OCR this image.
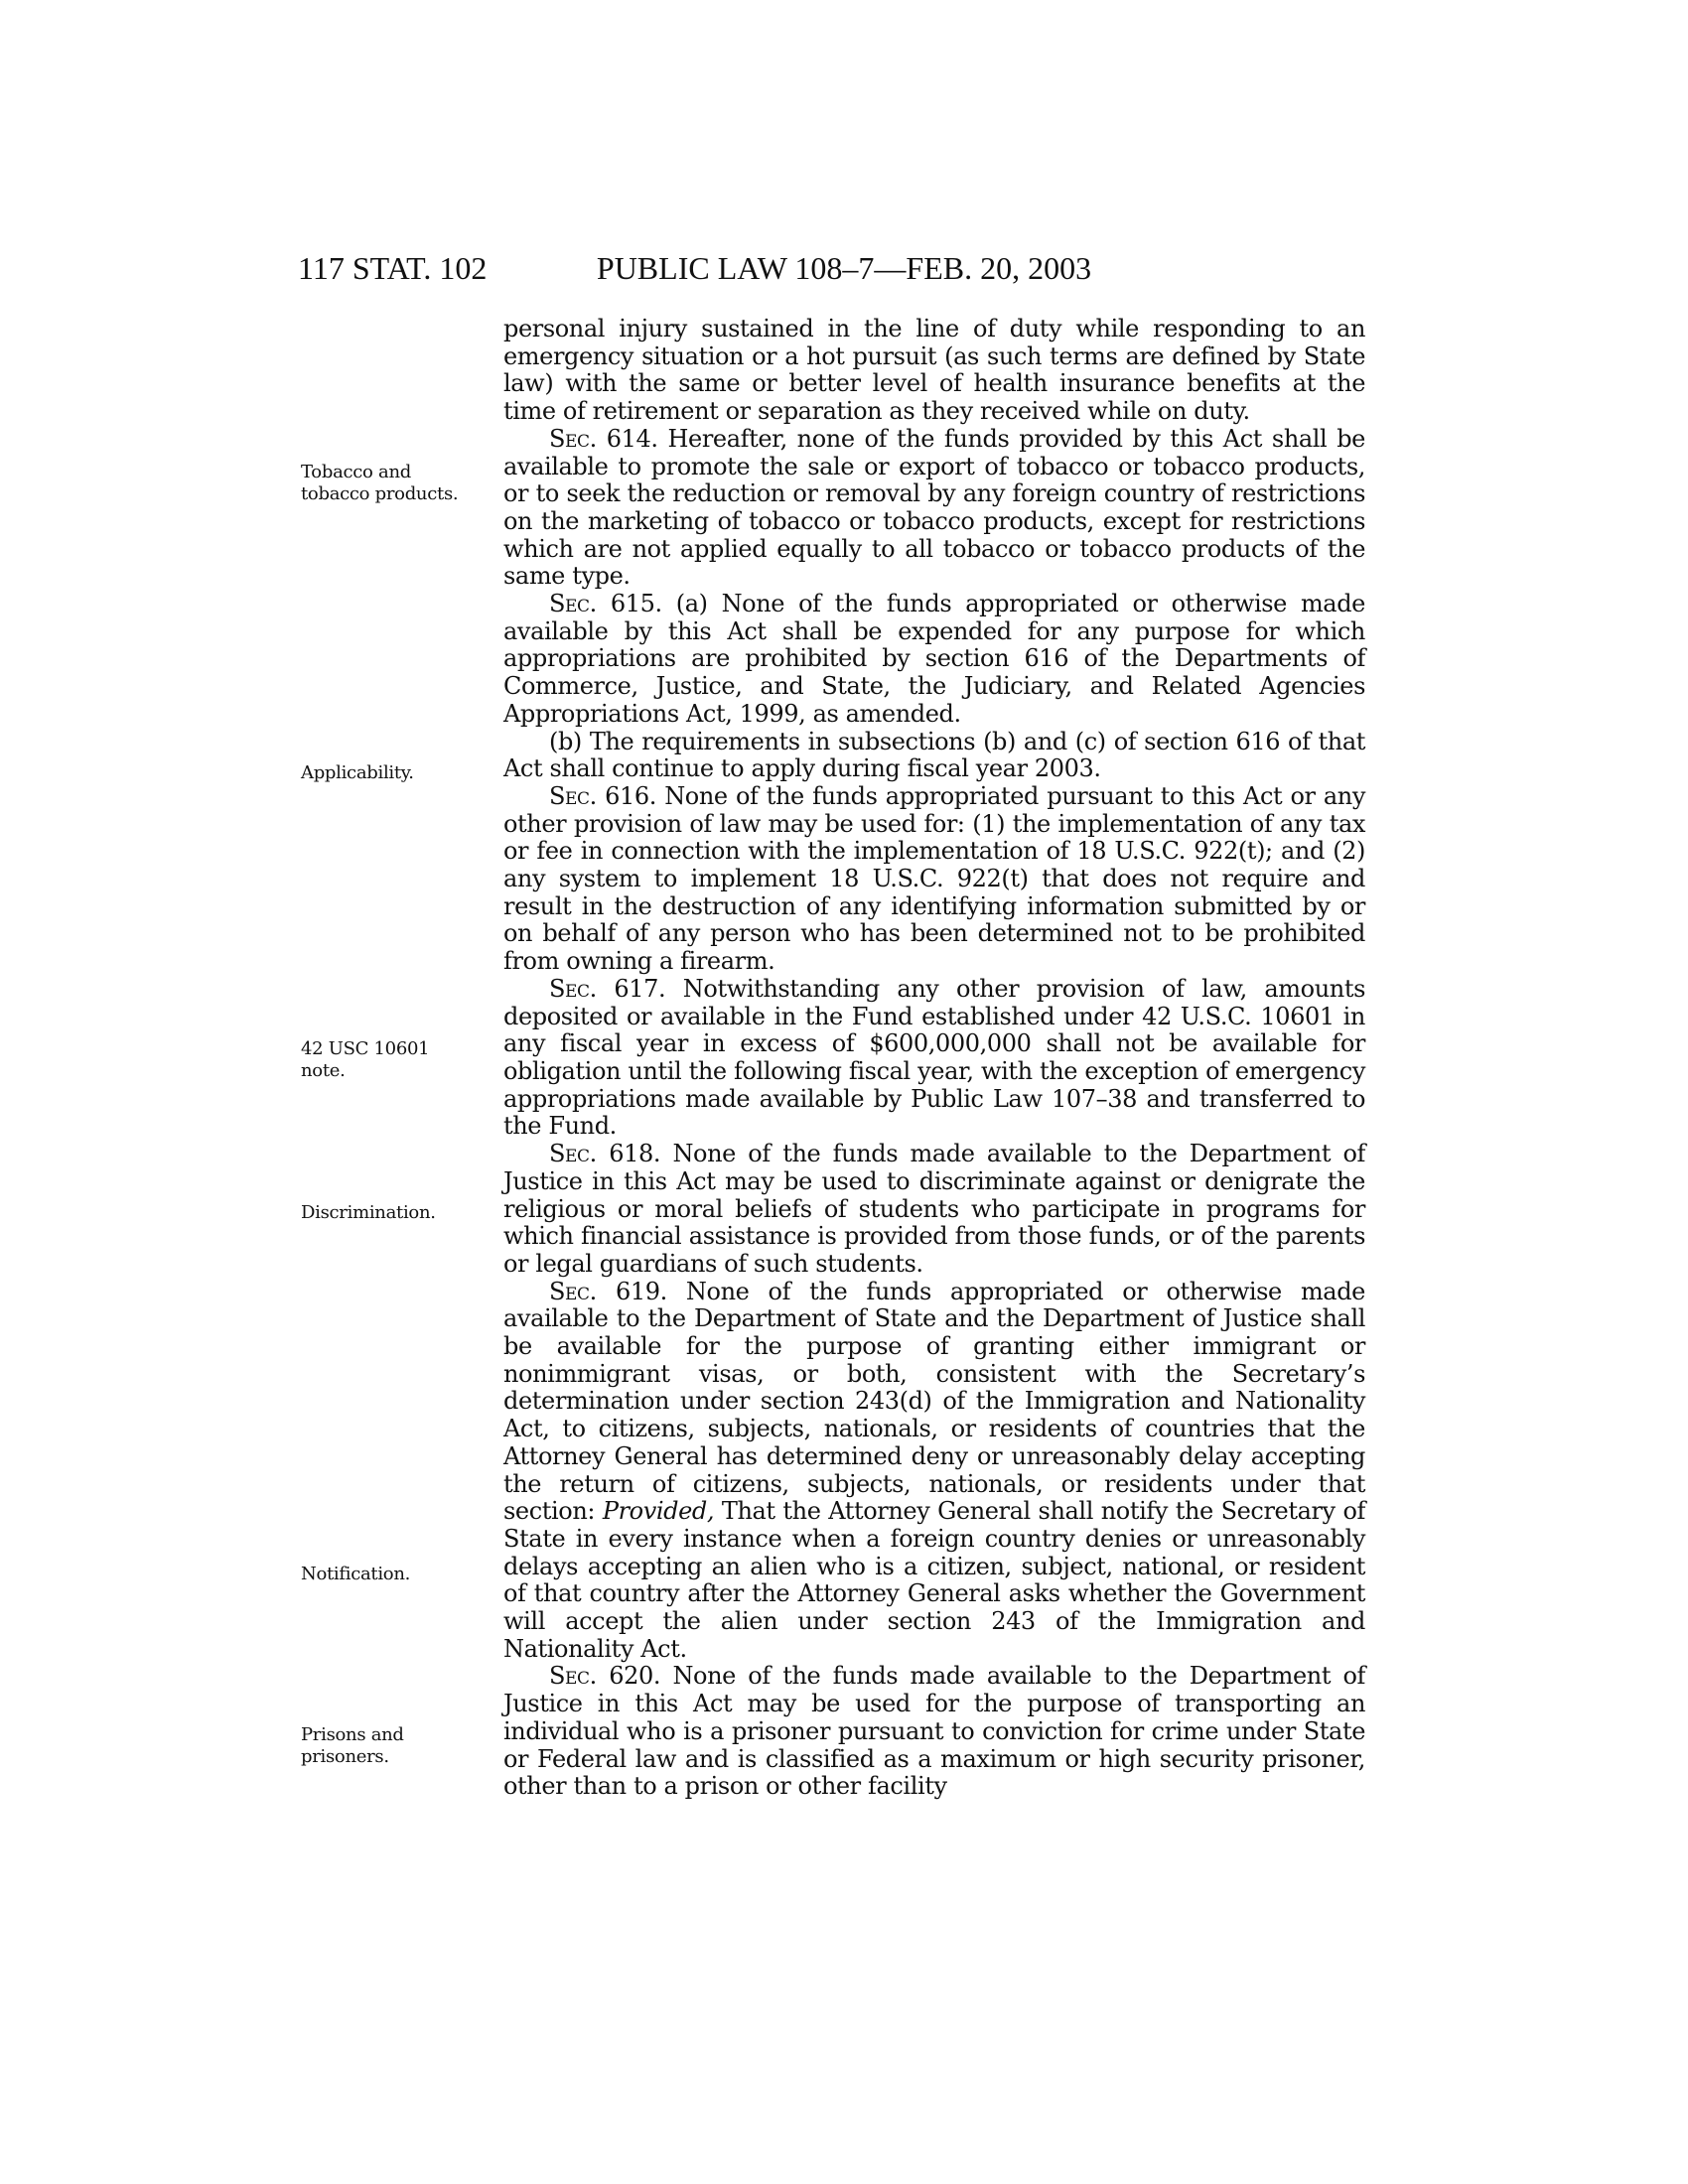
117 STAT. 102	PUBLIC LAW 108–7—FEB. 20, 2003
Tobacco and
tobacco products.
Applicability.
42 USC 10601
note.
Discrimination.
Notification.
Prisons and
prisoners.

personal injury sustained in the line of duty while responding to an emergency situation or a hot pursuit (as such terms are defined by State law) with the same or better level of health insurance benefits at the time of retirement or separation as they received while on duty.

Sec. 614. Hereafter, none of the funds provided by this Act shall be available to promote the sale or export of tobacco or tobacco products, or to seek the reduction or removal by any foreign country of restrictions on the marketing of tobacco or tobacco products, except for restrictions which are not applied equally to all tobacco or tobacco products of the same type.

Sec. 615. (a) None of the funds appropriated or otherwise made available by this Act shall be expended for any purpose for which appropriations are prohibited by section 616 of the Departments of Commerce, Justice, and State, the Judiciary, and Related Agencies Appropriations Act, 1999, as amended.

(b) The requirements in subsections (b) and (c) of section 616 of that Act shall continue to apply during fiscal year 2003.

Sec. 616. None of the funds appropriated pursuant to this Act or any other provision of law may be used for: (1) the implementation of any tax or fee in connection with the implementation of 18 U.S.C. 922(t); and (2) any system to implement 18 U.S.C. 922(t) that does not require and result in the destruction of any identifying information submitted by or on behalf of any person who has been determined not to be prohibited from owning a firearm.

Sec. 617. Notwithstanding any other provision of law, amounts deposited or available in the Fund established under 42 U.S.C. 10601 in any fiscal year in excess of $600,000,000 shall not be available for obligation until the following fiscal year, with the exception of emergency appropriations made available by Public Law 107–38 and transferred to the Fund.

Sec. 618. None of the funds made available to the Department of Justice in this Act may be used to discriminate against or denigrate the religious or moral beliefs of students who participate in programs for which financial assistance is provided from those funds, or of the parents or legal guardians of such students.

Sec. 619. None of the funds appropriated or otherwise made available to the Department of State and the Department of Justice shall be available for the purpose of granting either immigrant or nonimmigrant visas, or both, consistent with the Secretary’s determination under section 243(d) of the Immigration and Nationality Act, to citizens, subjects, nationals, or residents of countries that the Attorney General has determined deny or unreasonably delay accepting the return of citizens, subjects, nationals, or residents under that section: Provided, That the Attorney General shall notify the Secretary of State in every instance when a foreign country denies or unreasonably delays accepting an alien who is a citizen, subject, national, or resident of that country after the Attorney General asks whether the Government will accept the alien under section 243 of the Immigration and Nationality Act.

Sec. 620. None of the funds made available to the Department of Justice in this Act may be used for the purpose of transporting an individual who is a prisoner pursuant to conviction for crime under State or Federal law and is classified as a maximum or high security prisoner, other than to a prison or other facility
